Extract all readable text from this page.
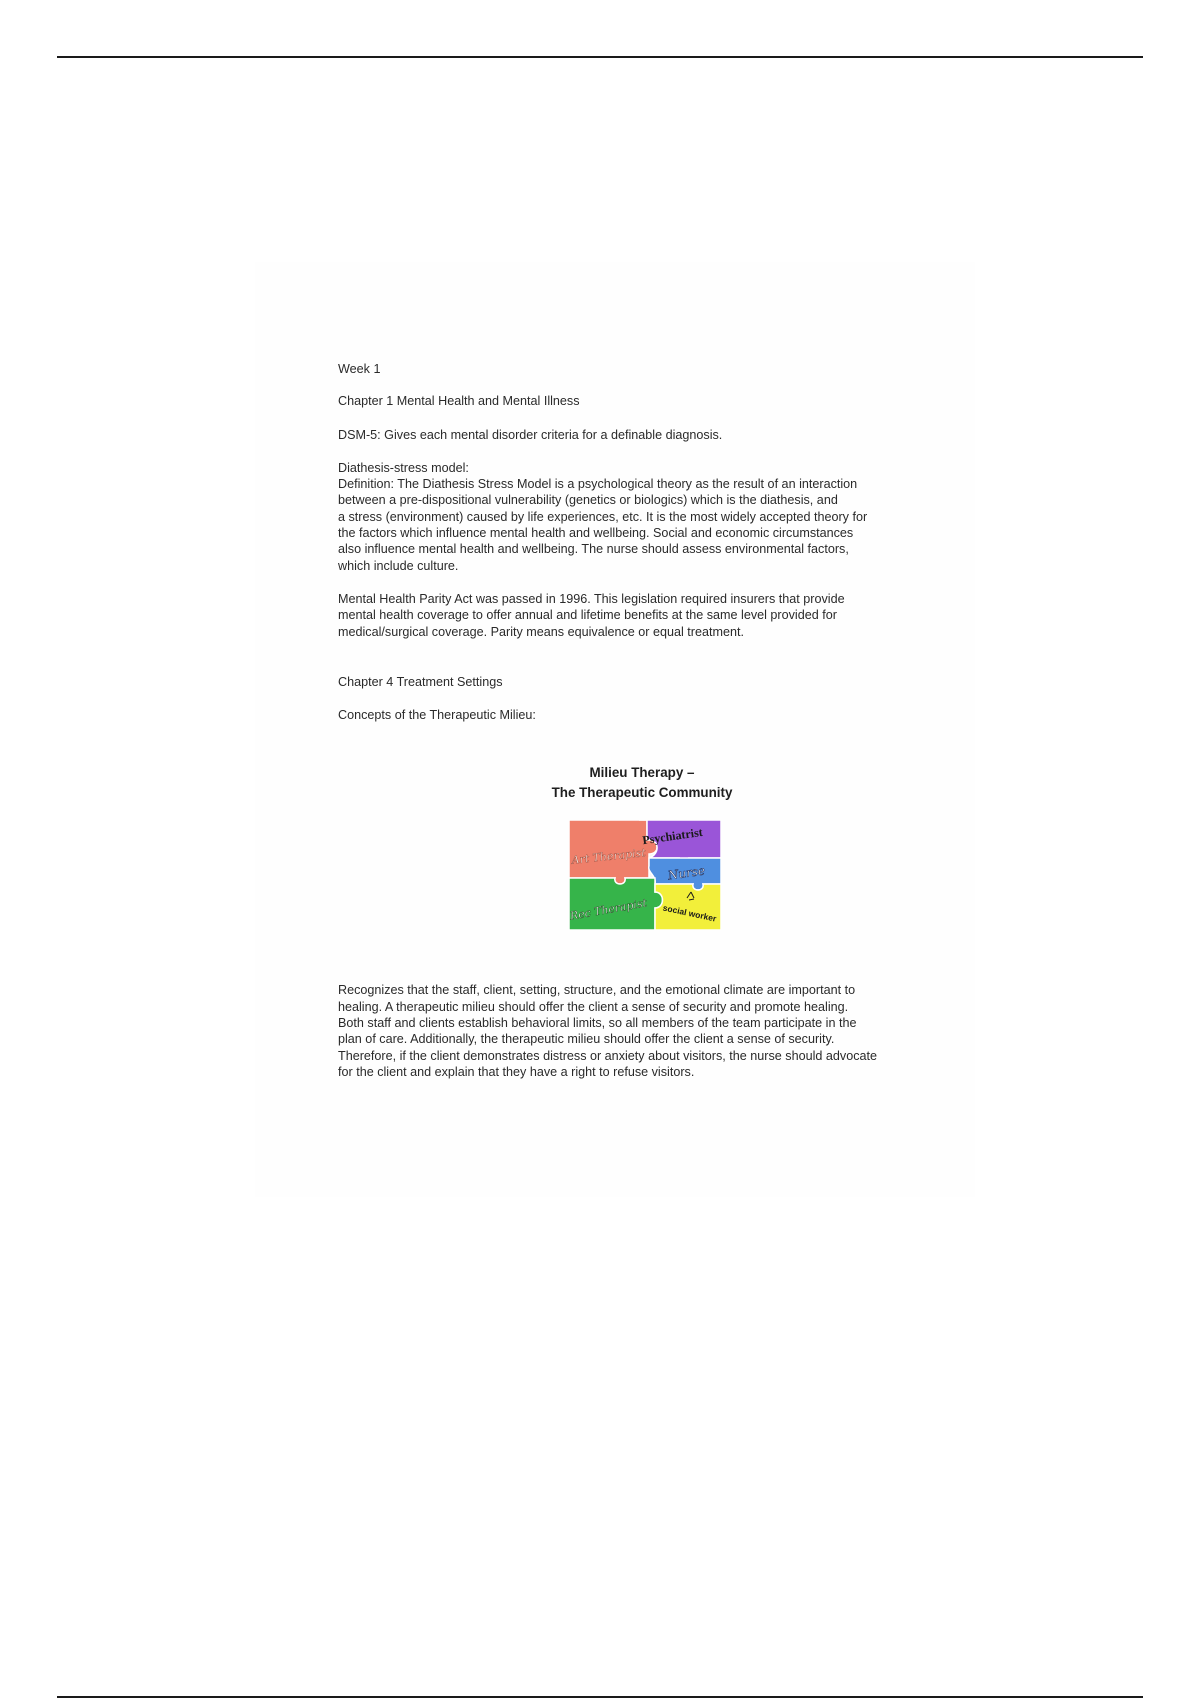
Week 1

Chapter 1 Mental Health and Mental Illness

DSM-5: Gives each mental disorder criteria for a definable diagnosis.

Diathesis-stress model:

Definition: The Diathesis Stress Model is a psychological theory as the result of an interaction

between a pre-dispositional vulnerability (genetics or biologics) which is the diathesis, and

a stress (environment) caused by life experiences, etc. It is the most widely accepted theory for

the factors which influence mental health and wellbeing. Social and economic circumstances

also influence mental health and wellbeing. The nurse should assess environmental factors,

which include culture.

Mental Health Parity Act was passed in 1996. This legislation required insurers that provide

mental health coverage to offer annual and lifetime benefits at the same level provided for

medical/surgical coverage. Parity means equivalence or equal treatment.

Chapter 4 Treatment Settings

Concepts of the Therapeutic Milieu:

Milieu Therapy –
The Therapeutic Community
Psychiatrist
Art Therapist
Nurse
Rec Therapist social worker

Recognizes that the staff, client, setting, structure, and the emotional climate are important to

healing. A therapeutic milieu should offer the client a sense of security and promote healing.

Both staff and clients establish behavioral limits, so all members of the team participate in the

plan of care. Additionally, the therapeutic milieu should offer the client a sense of security.

Therefore, if the client demonstrates distress or anxiety about visitors, the nurse should advocate

for the client and explain that they have a right to refuse visitors.
